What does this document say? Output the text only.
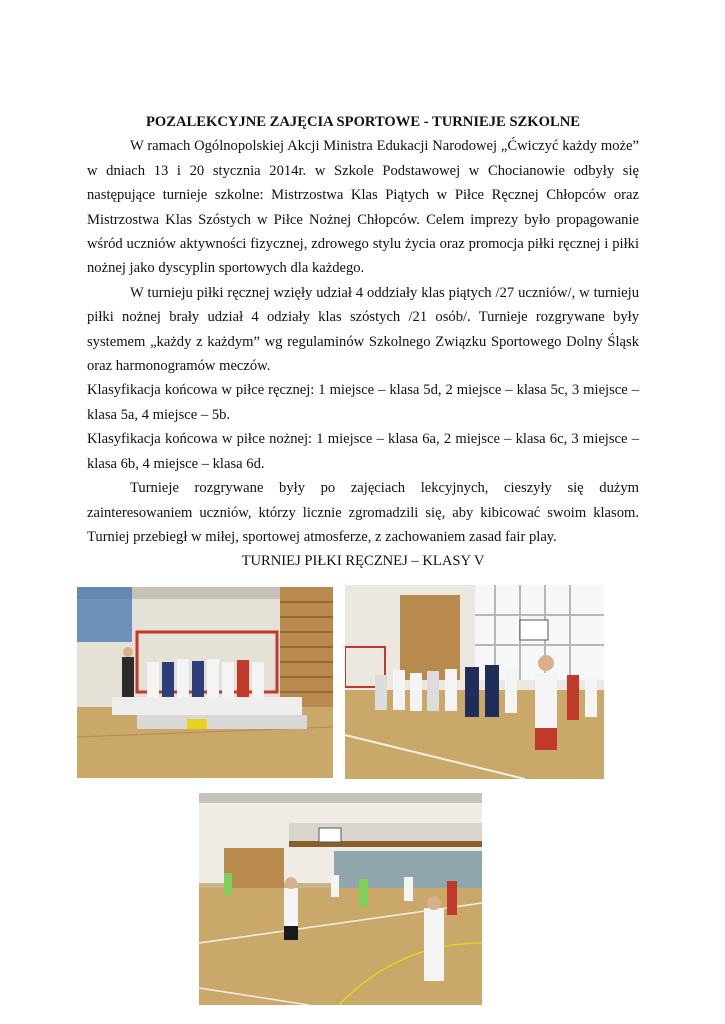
POZALEKCYJNE ZAJĘCIA SPORTOWE - TURNIEJE SZKOLNE

W ramach Ogólnopolskiej Akcji Ministra Edukacji Narodowej „Ćwiczyć każdy może” w dniach 13 i 20 stycznia 2014r. w Szkole Podstawowej w Chocianowie odbyły się następujące turnieje szkolne: Mistrzostwa Klas Piątych w Piłce Ręcznej Chłopców oraz Mistrzostwa Klas Szóstych w Piłce Nożnej Chłopców. Celem imprezy było propagowanie wśród uczniów aktywności fizycznej, zdrowego stylu życia oraz promocja piłki ręcznej i piłki nożnej jako dyscyplin sportowych dla każdego.

W turnieju piłki ręcznej wzięły udział 4 oddziały klas piątych /27 uczniów/, w turnieju piłki nożnej brały udział 4 odziały klas szóstych /21 osób/. Turnieje rozgrywane były systemem „każdy z każdym” wg regulaminów Szkolnego Związku Sportowego Dolny Śląsk oraz harmonogramów meczów.

Klasyfikacja końcowa w piłce ręcznej: 1 miejsce – klasa 5d, 2 miejsce – klasa 5c, 3 miejsce – klasa 5a, 4 miejsce – 5b.

Klasyfikacja końcowa w piłce nożnej: 1 miejsce – klasa 6a, 2 miejsce – klasa 6c, 3 miejsce – klasa 6b, 4 miejsce – klasa 6d.

Turnieje rozgrywane były po zajęciach lekcyjnych, cieszyły się dużym zainteresowaniem uczniów, którzy licznie zgromadzili się, aby kibicować swoim klasom. Turniej przebiegł w miłej, sportowej atmosferze, z zachowaniem zasad fair play.

TURNIEJ PIŁKI RĘCZNEJ – KLASY V
